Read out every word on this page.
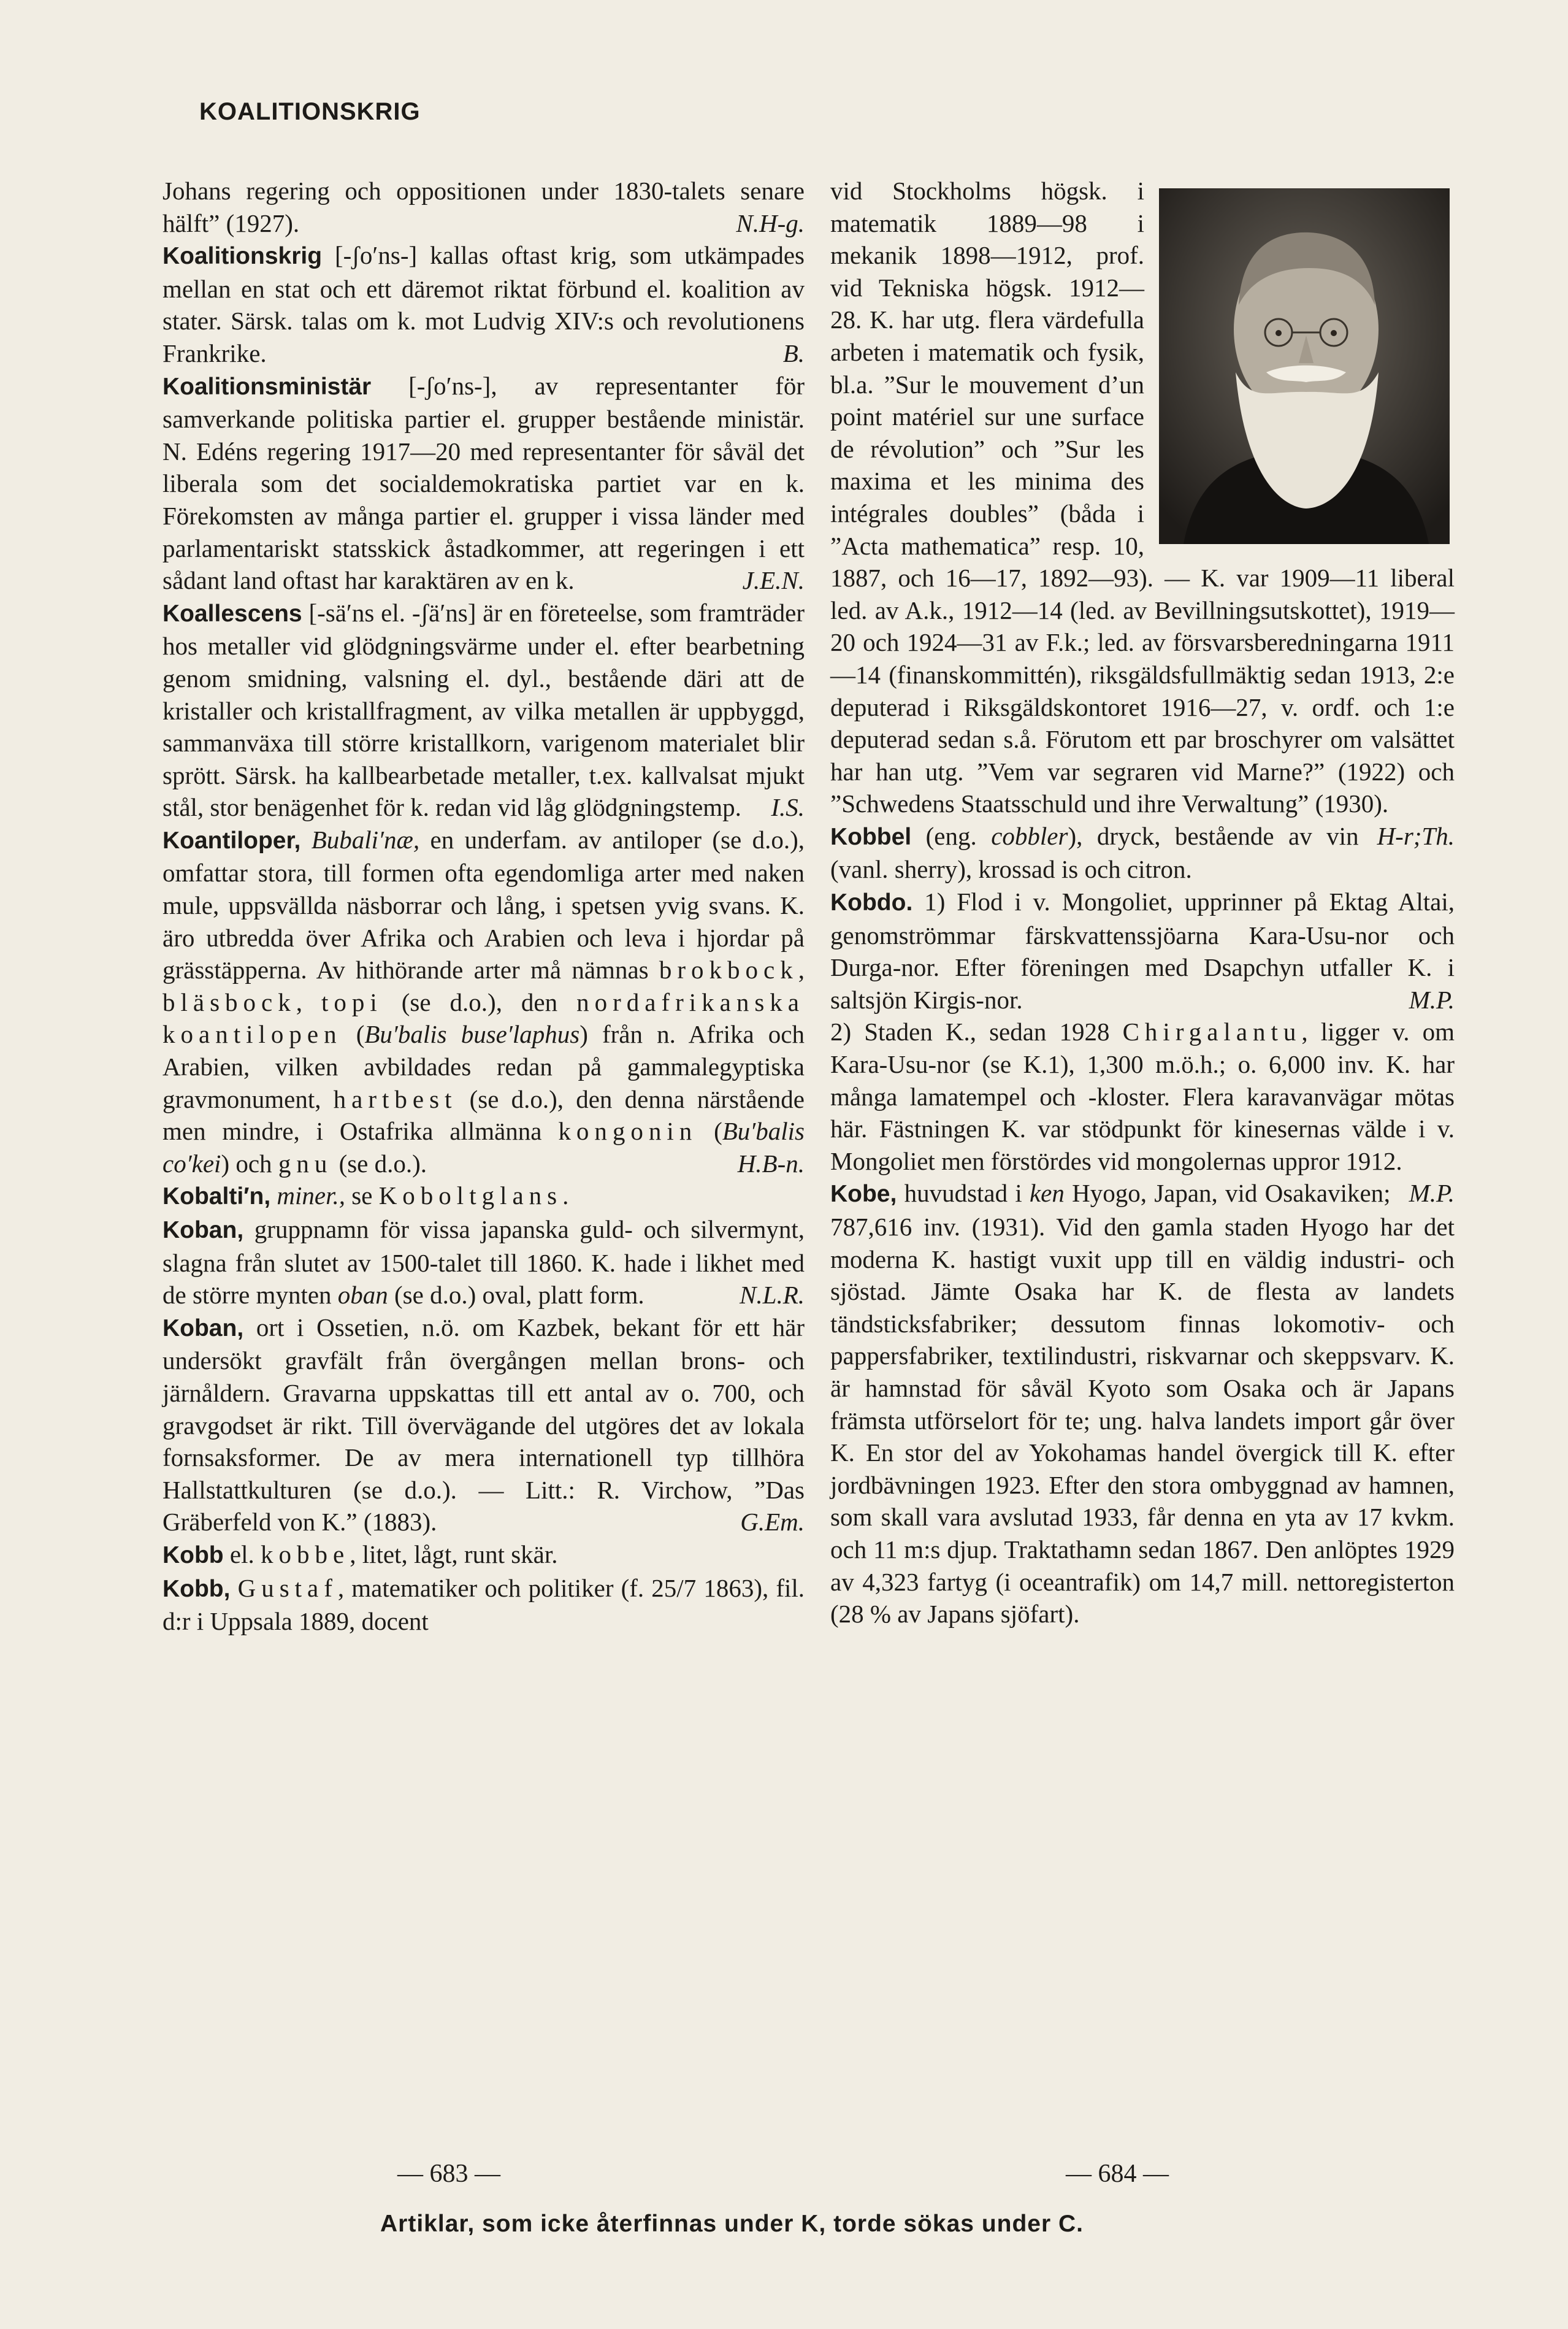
KOALITIONSKRIG

Johans regering och oppositionen under 1830-talets senare hälft” (1927).	N.H-g.

Koalitionskrig [-ʃo′ns-] kallas oftast krig, som utkämpades mellan en stat och ett däremot riktat förbund el. koalition av stater. Särsk. talas om k. mot Ludvig XIV:s och revolutionens Frankrike.	B.

Koalitionsministär [-ʃo′ns-], av representanter för samverkande politiska partier el. grupper bestående ministär. N. Edéns regering 1917—20 med representanter för såväl det liberala som det socialdemokratiska partiet var en k. Förekomsten av många partier el. grupper i vissa länder med parlamentariskt statsskick åstadkommer, att regeringen i ett sådant land oftast har karaktären av en k.	J.E.N.

Koallescens [-sä′ns el. -ʃä′ns] är en företeelse, som framträder hos metaller vid glödgningsvärme under el. efter bearbetning genom smidning, valsning el. dyl., bestående däri att de kristaller och kristallfragment, av vilka metallen är uppbyggd, sammanväxa till större kristallkorn, varigenom materialet blir sprött. Särsk. ha kallbearbetade metaller, t.ex. kallvalsat mjukt stål, stor benägenhet för k. redan vid låg glödgningstemp.	I.S.

Koantiloper, Bubali′næ, en underfam. av antiloper (se d.o.), omfattar stora, till formen ofta egendomliga arter med naken mule, uppsvällda näsborrar och lång, i spetsen yvig svans. K. äro utbredda över Afrika och Arabien och leva i hjordar på grässtäpperna. Av hithörande arter må nämnas brokbock, bläsbock, topi (se d.o.), den nordafrikanska koantilopen (Bu′balis buse′laphus) från n. Afrika och Arabien, vilken avbildades redan på gammalegyptiska gravmonument, hartbest (se d.o.), den denna närstående men mindre, i Ostafrika allmänna kongonin (Bu′balis co′kei) och gnu (se d.o.).	H.B-n.

Kobalti′n, miner., se Koboltglans.

Koban, gruppnamn för vissa japanska guld- och silvermynt, slagna från slutet av 1500-talet till 1860. K. hade i likhet med de större mynten oban (se d.o.) oval, platt form.	N.L.R.

Koban, ort i Ossetien, n.ö. om Kazbek, bekant för ett här undersökt gravfält från övergången mellan brons- och järnåldern. Gravarna uppskattas till ett antal av o. 700, och gravgodset är rikt. Till övervägande del utgöres det av lokala fornsaksformer. De av mera internationell typ tillhöra Hallstattkulturen (se d.o.). — Litt.: R. Virchow, ”Das Gräberfeld von K.” (1883).	G.Em.

Kobb el. kobbe, litet, lågt, runt skär.

Kobb, Gustaf, matematiker och politiker (f. 25/7 1863), fil. d:r i Uppsala 1889, docent

vid Stockholms högsk. i matematik 1889—98 i mekanik 1898—1912, prof. vid Tekniska högsk. 1912—28. K. har utg. flera värdefulla arbeten i matematik och fysik, bl.a. ”Sur le mouvement d’un point matériel sur une surface de révolution” och ”Sur les maxima et les minima des intégrales doubles” (båda i ”Acta mathematica” resp. 10, 1887, och 16—17, 1892—93). — K. var 1909—11 liberal led. av A.k., 1912—14 (led. av Bevillningsutskottet), 1919—20 och 1924—31 av F.k.; led. av försvarsberedningarna 1911—14 (finanskommittén), riksgäldsfullmäktig sedan 1913, 2:e deputerad i Riksgäldskontoret 1916—27, v. ordf. och 1:e deputerad sedan s.å. Förutom ett par broschyrer om valsättet har han utg. ”Vem var segraren vid Marne?” (1922) och ”Schwedens Staatsschuld und ihre Verwaltung” (1930).
H-r;Th.

Kobbel (eng. cobbler), dryck, bestående av vin (vanl. sherry), krossad is och citron.

Kobdo. 1) Flod i v. Mongoliet, upprinner på Ektag Altai, genomströmmar färskvattenssjöarna Kara-Usu-nor och Durga-nor. Efter föreningen med Dsapchyn utfaller K. i saltsjön Kirgis-nor.	M.P.

2) Staden K., sedan 1928 Chirgalantu, ligger v. om Kara-Usu-nor (se K.1), 1,300 m.ö.h.; o. 6,000 inv. K. har många lamatempel och -kloster. Flera karavanvägar mötas här. Fästningen K. var stödpunkt för kinesernas välde i v. Mongoliet men förstördes vid mongolernas uppror 1912.
M.P.

Kobe, huvudstad i ken Hyogo, Japan, vid Osakaviken; 787,616 inv. (1931). Vid den gamla staden Hyogo har det moderna K. hastigt vuxit upp till en väldig industri- och sjöstad. Jämte Osaka har K. de flesta av landets tändsticksfabriker; dessutom finnas lokomotiv- och pappersfabriker, textilindustri, riskvarnar och skeppsvarv. K. är hamnstad för såväl Kyoto som Osaka och är Japans främsta utförselort för te; ung. halva landets import går över K. En stor del av Yokohamas handel övergick till K. efter jordbävningen 1923. Efter den stora ombyggnad av hamnen, som skall vara avslutad 1933, får denna en yta av 17 kvkm. och 11 m:s djup. Traktathamn sedan 1867. Den anlöptes 1929 av 4,323 fartyg (i oceantrafik) om 14,7 mill. nettoregisterton (28 % av Japans sjöfart).

— 683 —	— 684 —
Artiklar, som icke återfinnas under K, torde sökas under C.
